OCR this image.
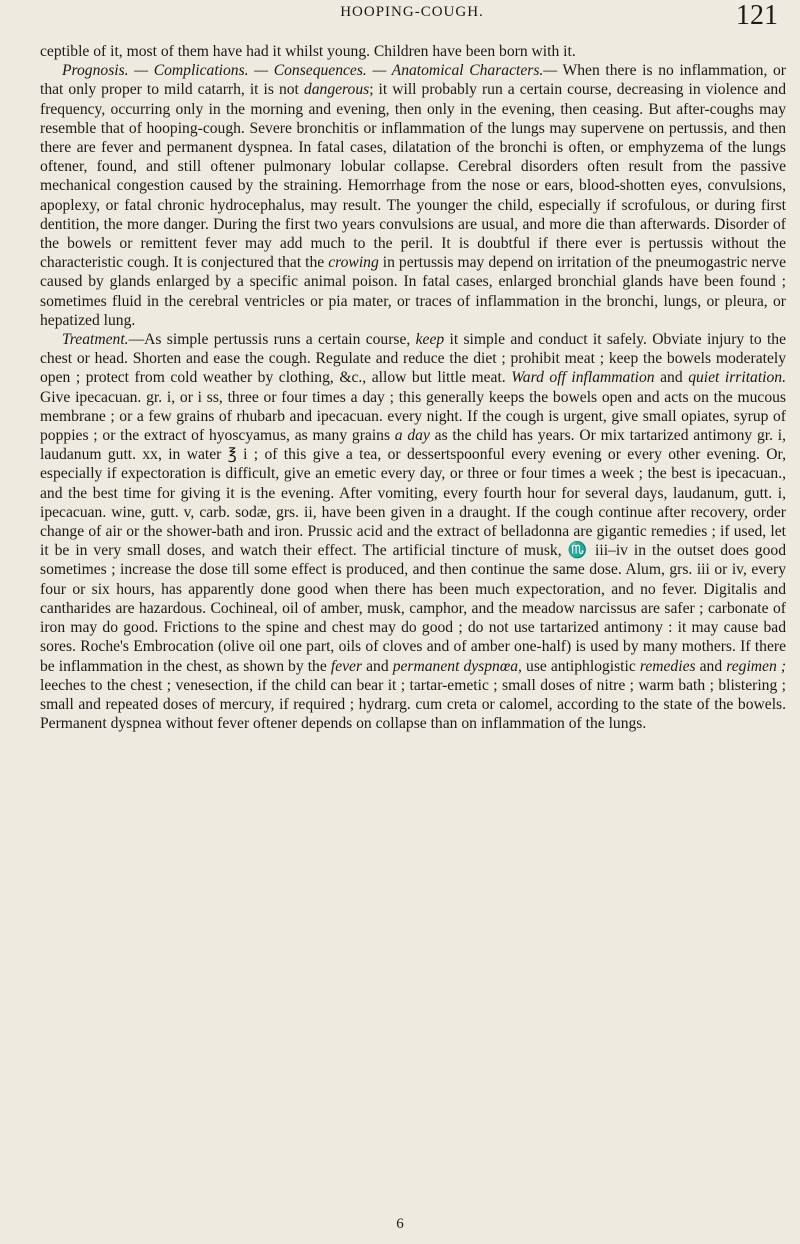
HOOPING-COUGH.	121

ceptible of it, most of them have had it whilst young. Children have been born with it.

Prognosis. — Complications. — Consequences. — Anatomical Characters.— When there is no inflammation, or that only proper to mild catarrh, it is not dangerous; it will probably run a certain course, decreasing in violence and frequency, occurring only in the morning and evening, then only in the evening, then ceasing. But after-coughs may resemble that of hooping-cough. Severe bronchitis or inflammation of the lungs may supervene on pertussis, and then there are fever and permanent dyspnea. In fatal cases, dilatation of the bronchi is often, or emphyzema of the lungs oftener, found, and still oftener pulmonary lobular collapse. Cerebral disorders often result from the passive mechanical congestion caused by the straining. Hemorrhage from the nose or ears, blood-shotten eyes, convulsions, apoplexy, or fatal chronic hydrocephalus, may result. The younger the child, especially if scrofulous, or during first dentition, the more danger. During the first two years convulsions are usual, and more die than afterwards. Disorder of the bowels or remittent fever may add much to the peril. It is doubtful if there ever is pertussis without the characteristic cough. It is conjectured that the crowing in pertussis may depend on irritation of the pneumogastric nerve caused by glands enlarged by a specific animal poison. In fatal cases, enlarged bronchial glands have been found ; sometimes fluid in the cerebral ventricles or pia mater, or traces of inflammation in the bronchi, lungs, or pleura, or hepatized lung.

Treatment.—As simple pertussis runs a certain course, keep it simple and conduct it safely. Obviate injury to the chest or head. Shorten and ease the cough. Regulate and reduce the diet ; prohibit meat ; keep the bowels moderately open ; protect from cold weather by clothing, &c., allow but little meat. Ward off inflammation and quiet irritation. Give ipecacuan. gr. i, or i ss, three or four times a day ; this generally keeps the bowels open and acts on the mucous membrane ; or a few grains of rhubarb and ipecacuan. every night. If the cough is urgent, give small opiates, syrup of poppies ; or the extract of hyoscyamus, as many grains a day as the child has years. Or mix tartarized antimony gr. i, laudanum gutt. xx, in water ℥ i ; of this give a tea, or dessertspoonful every evening or every other evening. Or, especially if expectoration is difficult, give an emetic every day, or three or four times a week ; the best is ipecacuan., and the best time for giving it is the evening. After vomiting, every fourth hour for several days, laudanum, gutt. i, ipecacuan. wine, gutt. v, carb. sodæ, grs. ii, have been given in a draught. If the cough continue after recovery, order change of air or the shower-bath and iron. Prussic acid and the extract of belladonna are gigantic remedies ; if used, let it be in very small doses, and watch their effect. The artificial tincture of musk, ♏ iii–iv in the outset does good sometimes ; increase the dose till some effect is produced, and then continue the same dose. Alum, grs. iii or iv, every four or six hours, has apparently done good when there has been much expectoration, and no fever. Digitalis and cantharides are hazardous. Cochineal, oil of amber, musk, camphor, and the meadow narcissus are safer ; carbonate of iron may do good. Frictions to the spine and chest may do good ; do not use tartarized antimony : it may cause bad sores. Roche's Embrocation (olive oil one part, oils of cloves and of amber one-half) is used by many mothers. If there be inflammation in the chest, as shown by the fever and permanent dyspnœa, use antiphlogistic remedies and regimen ; leeches to the chest ; venesection, if the child can bear it ; tartar-emetic ; small doses of nitre ; warm bath ; blistering ; small and repeated doses of mercury, if required ; hydrarg. cum creta or calomel, according to the state of the bowels. Permanent dyspnea without fever oftener depends on collapse than on inflammation of the lungs.

6
